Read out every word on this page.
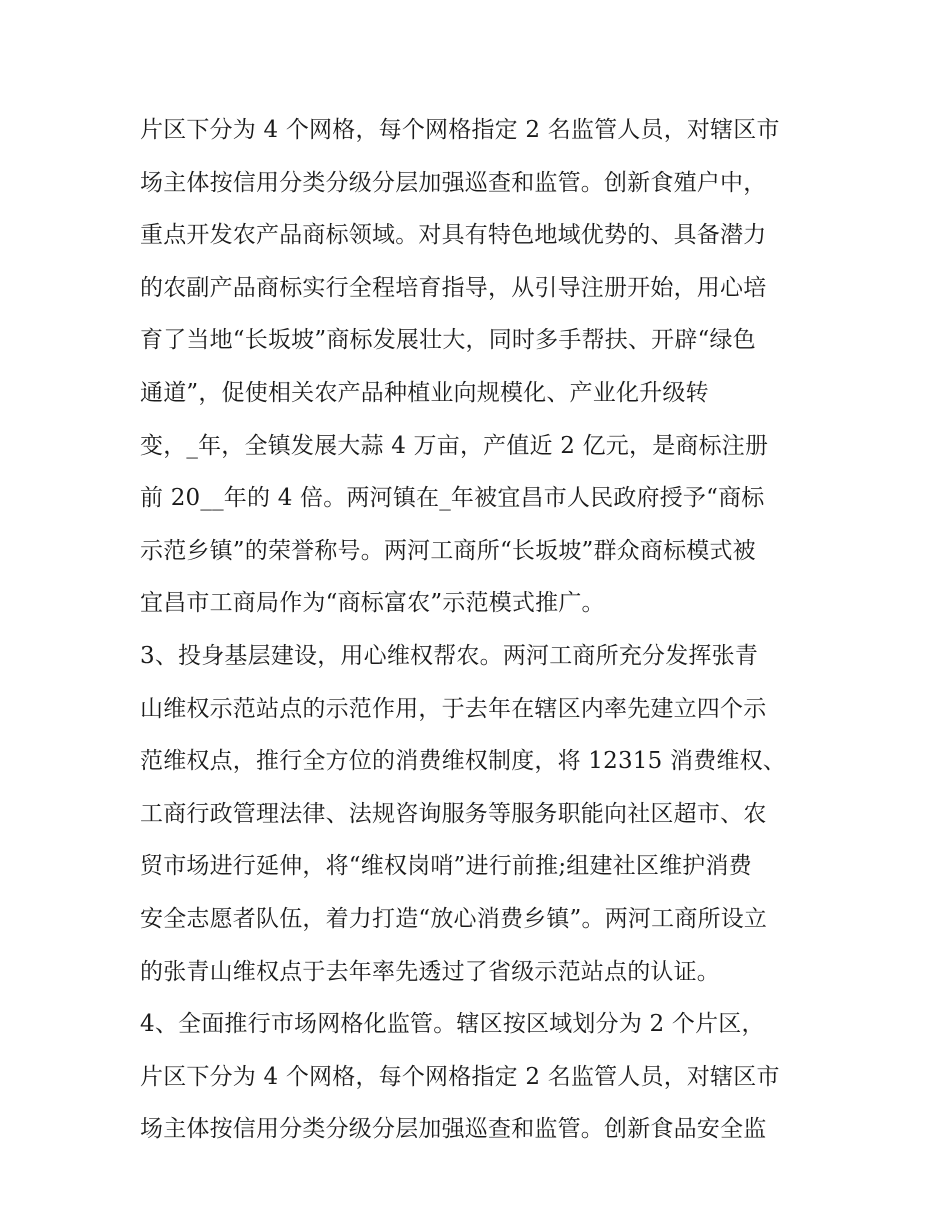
片区下分为 4 个网格，每个网格指定 2 名监管人员，对辖区市
场主体按信用分类分级分层加强巡查和监管。创新食殖户中，
重点开发农产品商标领域。对具有特色地域优势的、具备潜力
的农副产品商标实行全程培育指导，从引导注册开始，用心培
育了当地“长坂坡”商标发展壮大，同时多手帮扶、开辟“绿色
通道”，促使相关农产品种植业向规模化、产业化升级转
变，_年，全镇发展大蒜 4 万亩，产值近 2 亿元，是商标注册
前 20__年的 4 倍。两河镇在_年被宜昌市人民政府授予“商标
示范乡镇”的荣誉称号。两河工商所“长坂坡”群众商标模式被
宜昌市工商局作为“商标富农”示范模式推广。
3、投身基层建设，用心维权帮农。两河工商所充分发挥张青
山维权示范站点的示范作用，于去年在辖区内率先建立四个示
范维权点，推行全方位的消费维权制度，将 12315 消费维权、
工商行政管理法律、法规咨询服务等服务职能向社区超市、农
贸市场进行延伸，将“维权岗哨”进行前推;组建社区维护消费
安全志愿者队伍，着力打造“放心消费乡镇”。两河工商所设立
的张青山维权点于去年率先透过了省级示范站点的认证。
4、全面推行市场网格化监管。辖区按区域划分为 2 个片区，
片区下分为 4 个网格，每个网格指定 2 名监管人员，对辖区市
场主体按信用分类分级分层加强巡查和监管。创新食品安全监
